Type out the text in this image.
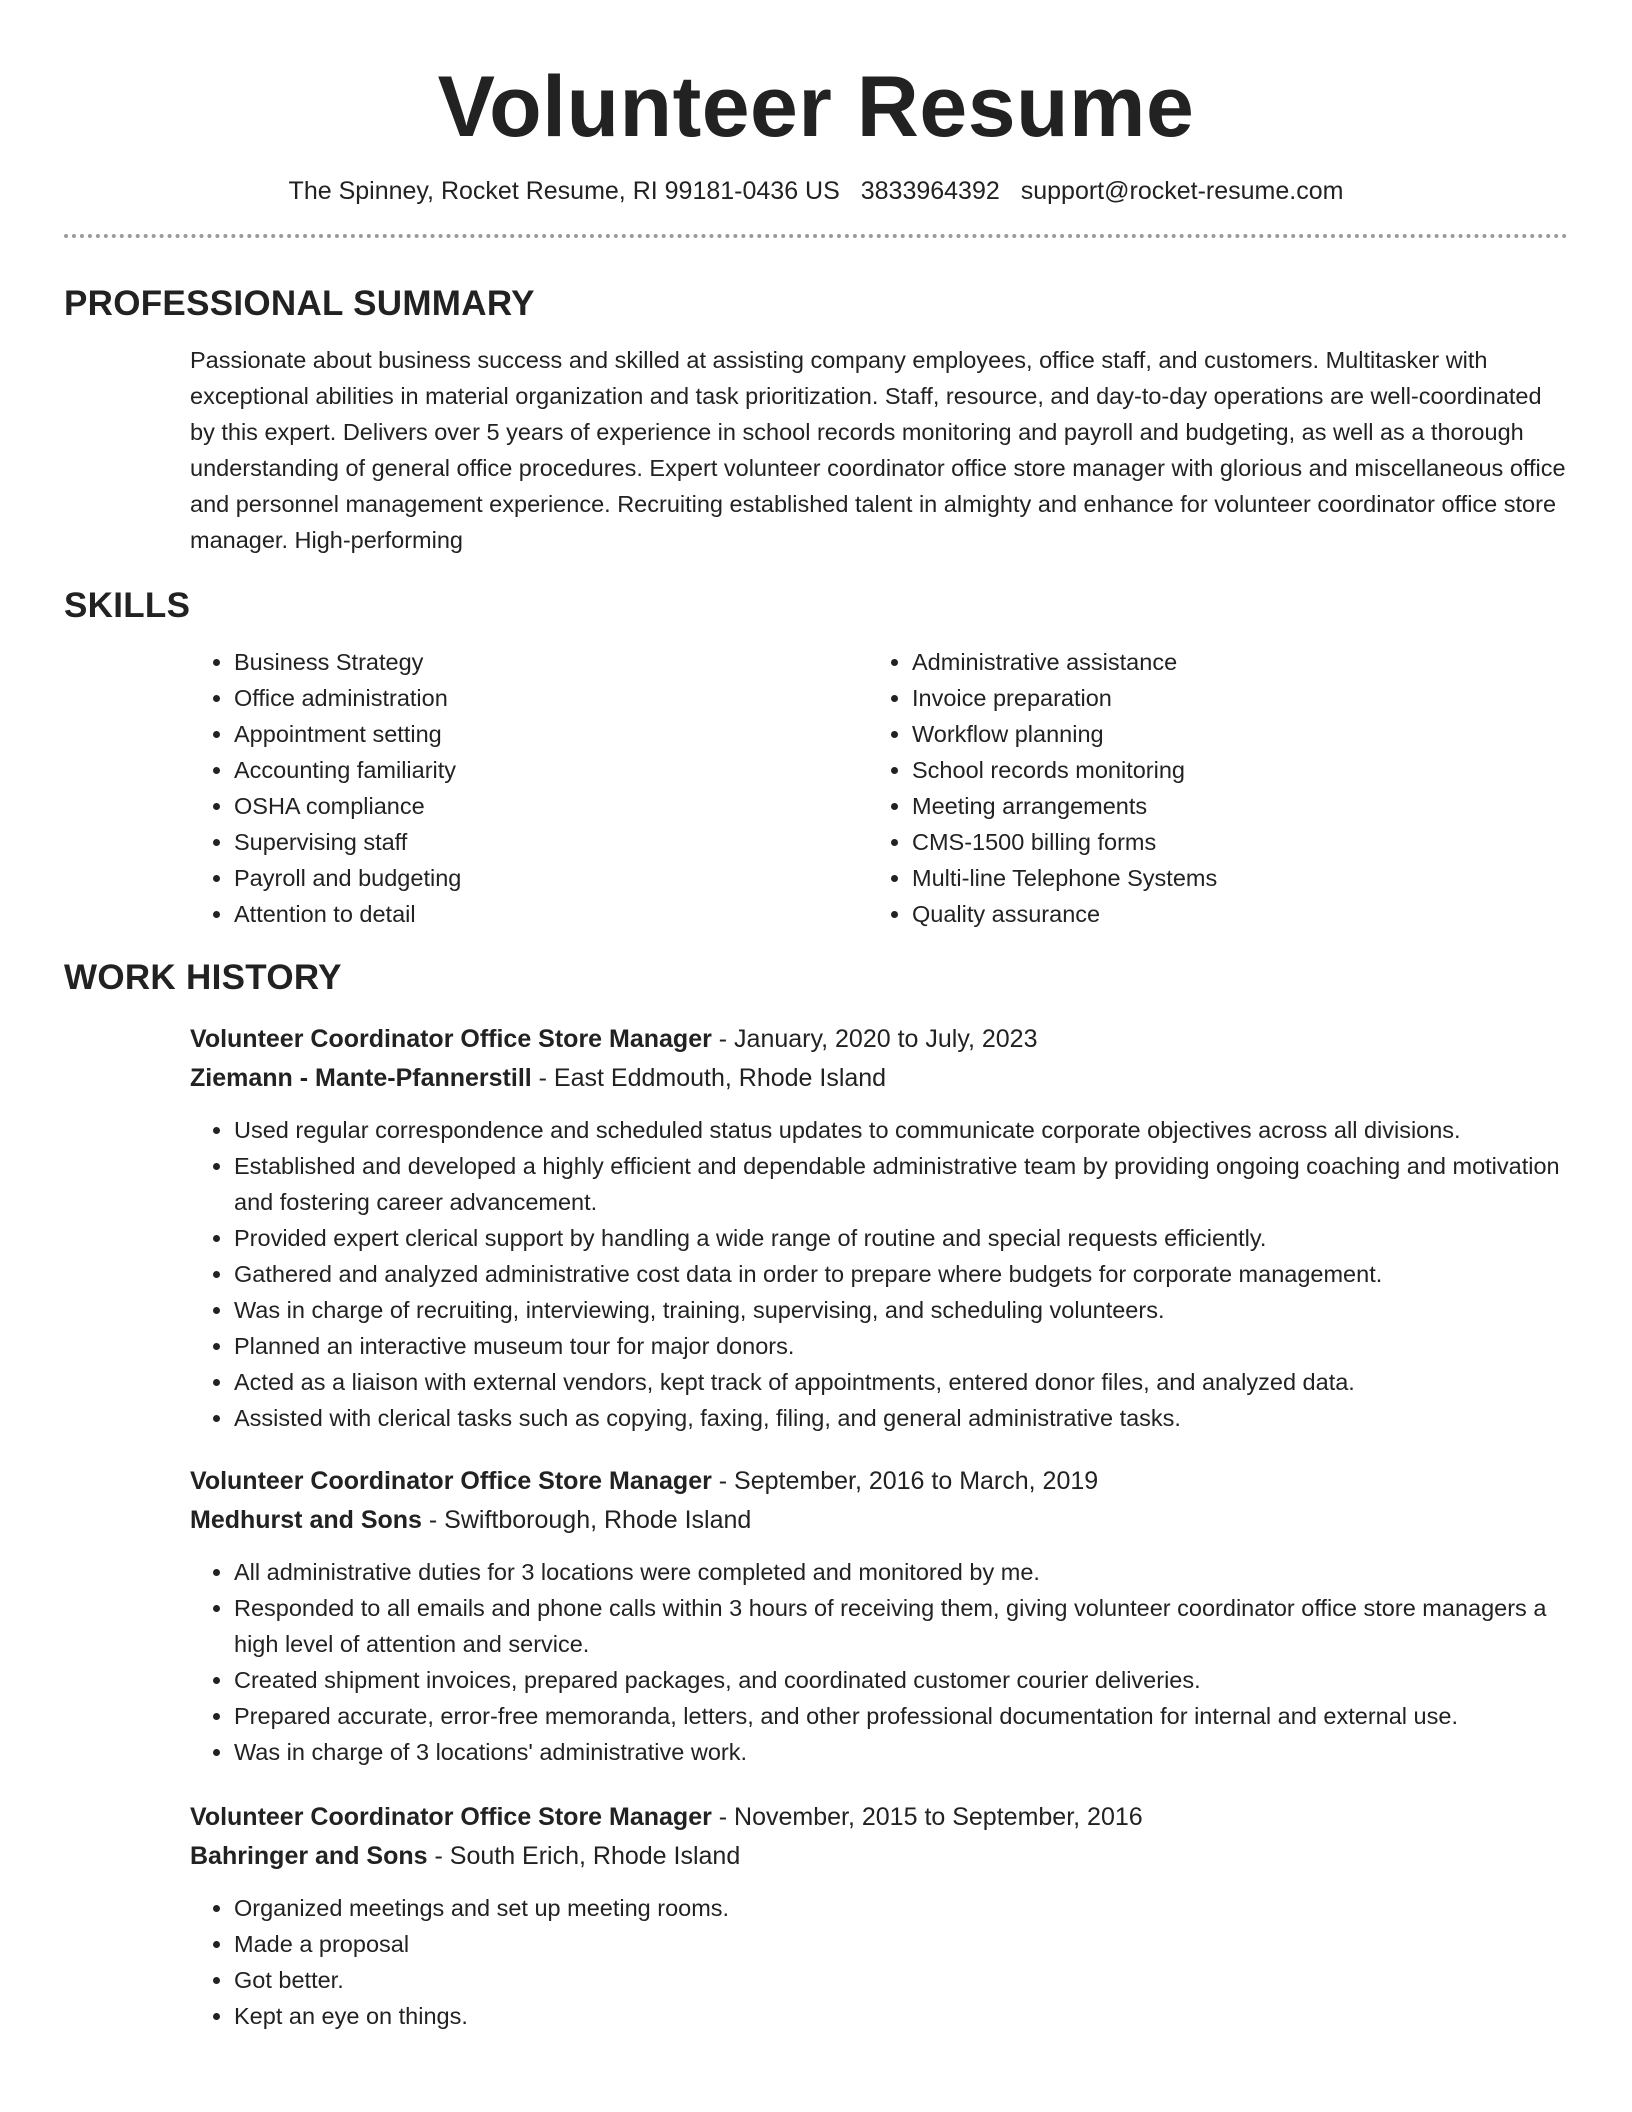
Volunteer Resume
The Spinney, Rocket Resume, RI 99181-0436 US 3833964392 support@rocket-resume.com
PROFESSIONAL SUMMARY

Passionate about business success and skilled at assisting company employees, office staff, and customers. Multitasker with exceptional abilities in material organization and task prioritization. Staff, resource, and day-to-day operations are well-coordinated by this expert. Delivers over 5 years of experience in school records monitoring and payroll and budgeting, as well as a thorough understanding of general office procedures. Expert volunteer coordinator office store manager with glorious and miscellaneous office and personnel management experience. Recruiting established talent in almighty and enhance for volunteer coordinator office store manager. High-performing

SKILLS
• Business Strategy
• Office administration
• Appointment setting
• Accounting familiarity
• OSHA compliance
• Supervising staff
• Payroll and budgeting
• Attention to detail
• Administrative assistance
• Invoice preparation
• Workflow planning
• School records monitoring
• Meeting arrangements
• CMS-1500 billing forms
• Multi-line Telephone Systems
• Quality assurance
WORK HISTORY
Volunteer Coordinator Office Store Manager - January, 2020 to July, 2023
Ziemann - Mante-Pfannerstill - East Eddmouth, Rhode Island
• Used regular correspondence and scheduled status updates to communicate corporate objectives across all divisions.
• Established and developed a highly efficient and dependable administrative team by providing ongoing coaching and motivation and fostering career advancement.
• Provided expert clerical support by handling a wide range of routine and special requests efficiently.
• Gathered and analyzed administrative cost data in order to prepare where budgets for corporate management.
• Was in charge of recruiting, interviewing, training, supervising, and scheduling volunteers.
• Planned an interactive museum tour for major donors.
• Acted as a liaison with external vendors, kept track of appointments, entered donor files, and analyzed data.
• Assisted with clerical tasks such as copying, faxing, filing, and general administrative tasks.
Volunteer Coordinator Office Store Manager - September, 2016 to March, 2019
Medhurst and Sons - Swiftborough, Rhode Island
• All administrative duties for 3 locations were completed and monitored by me.
• Responded to all emails and phone calls within 3 hours of receiving them, giving volunteer coordinator office store managers a high level of attention and service.
• Created shipment invoices, prepared packages, and coordinated customer courier deliveries.
• Prepared accurate, error-free memoranda, letters, and other professional documentation for internal and external use.
• Was in charge of 3 locations' administrative work.
Volunteer Coordinator Office Store Manager - November, 2015 to September, 2016
Bahringer and Sons - South Erich, Rhode Island
• Organized meetings and set up meeting rooms.
• Made a proposal
• Got better.
• Kept an eye on things.
